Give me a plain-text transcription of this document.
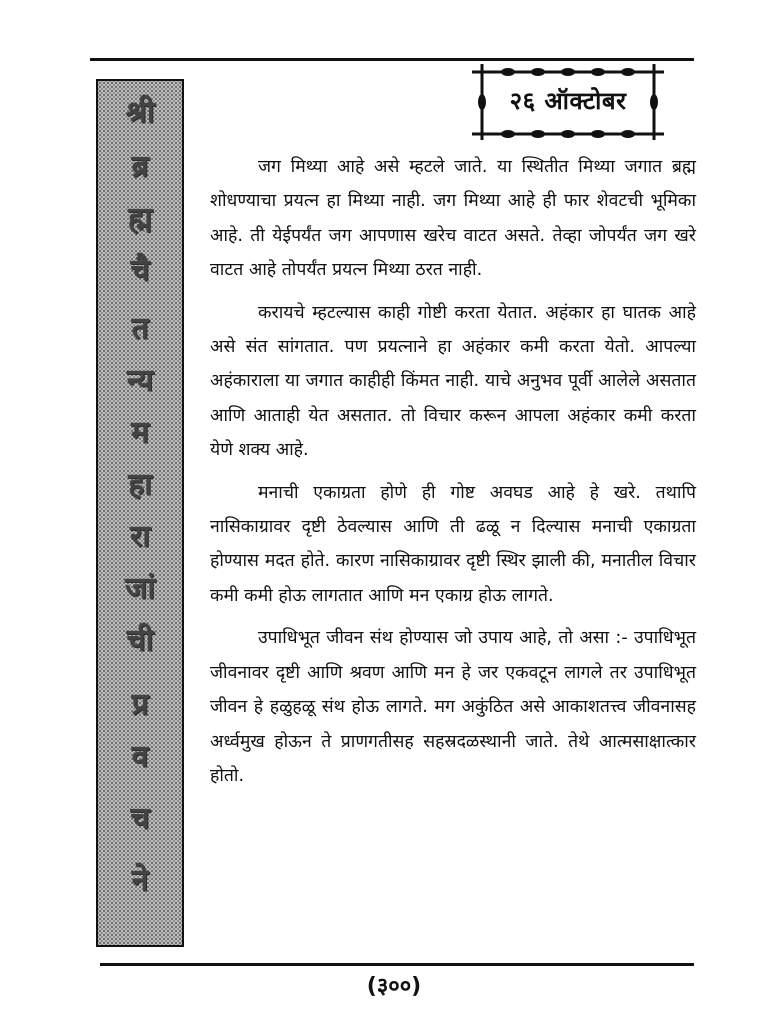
२६ ऑक्टोबर
श्री
ब्र
ह्म
चै
त
न्य
म
हा
रा
जां
ची
प्र
व
च
ने

जग मिथ्या आहे असे म्हटले जाते. या स्थितीत मिथ्या जगात ब्रह्म शोधण्याचा प्रयत्न हा मिथ्या नाही. जग मिथ्या आहे ही फार शेवटची भूमिका आहे. ती येईपर्यंत जग आपणास खरेच वाटत असते. तेव्हा जोपर्यंत जग खरे वाटत आहे तोपर्यंत प्रयत्न मिथ्या ठरत नाही.

करायचे म्हटल्यास काही गोष्टी करता येतात. अहंकार हा घातक आहे असे संत सांगतात. पण प्रयत्नाने हा अहंकार कमी करता येतो. आपल्या अहंकाराला या जगात काहीही किंमत नाही. याचे अनुभव पूर्वी आलेले असतात आणि आताही येत असतात. तो विचार करून आपला अहंकार कमी करता येणे शक्य आहे.

मनाची एकाग्रता होणे ही गोष्ट अवघड आहे हे खरे. तथापि नासिकाग्रावर दृष्टी ठेवल्यास आणि ती ढळू न दिल्यास मनाची एकाग्रता होण्यास मदत होते. कारण नासिकाग्रावर दृष्टी स्थिर झाली की, मनातील विचार कमी कमी होऊ लागतात आणि मन एकाग्र होऊ लागते.

उपाधिभूत जीवन संथ होण्यास जो उपाय आहे, तो असा :- उपाधिभूत जीवनावर दृष्टी आणि श्रवण आणि मन हे जर एकवटून लागले तर उपाधिभूत जीवन हे हळुहळू संथ होऊ लागते. मग अकुंठित असे आकाशतत्त्व जीवनासह अर्ध्वमुख होऊन ते प्राणगतीसह सहस्रदळस्थानी जाते. तेथे आत्मसाक्षात्कार होतो.

(३००)
